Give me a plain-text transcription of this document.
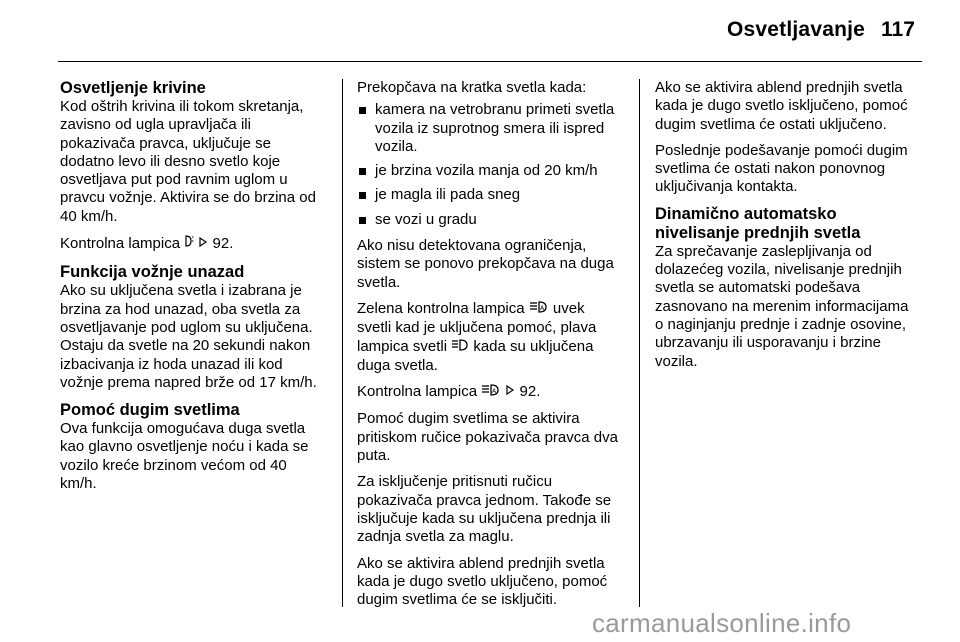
Osvetljavanje 117
Osvetljenje krivine

Kod oštrih krivina ili tokom skretanja, zavisno od ugla upravljača ili pokazivača pravca, uključuje se dodatno levo ili desno svetlo koje osvetljava put pod ravnim uglom u pravcu vožnje. Aktivira se do brzina od 40 km/h.

Kontrolna lampica 92.

Funkcija vožnje unazad

Ako su uključena svetla i izabrana je brzina za hod unazad, oba svetla za osvetljavanje pod uglom su uključena. Ostaju da svetle na 20 sekundi nakon izbacivanja iz hoda unazad ili kod vožnje prema napred brže od 17 km/h.

Pomoć dugim svetlima

Ova funkcija omogućava duga svetla kao glavno osvetljenje noću i kada se vozilo kreće brzinom većom od 40 km/h.

Prekopčava na kratka svetla kada:

kamera na vetrobranu primeti svetla vozila iz suprotnog smera ili ispred vozila.
je brzina vozila manja od 20 km/h
je magla ili pada sneg
se vozi u gradu

Ako nisu detektovana ograničenja, sistem se ponovo prekopčava na duga svetla.

Zelena kontrolna lampica	A uvek svetli kad je uključena pomoć, plava lampica svetli kada su uključena duga svetla.

Kontrolna lampica	A 92.

Pomoć dugim svetlima se aktivira pritiskom ručice pokazivača pravca dva puta.

Za isključenje pritisnuti ručicu pokazivača pravca jednom. Takođe se isključuje kada su uključena prednja ili zadnja svetla za maglu.

Ako se aktivira ablend prednjih svetla kada je dugo svetlo uključeno, pomoć dugim svetlima će se isključiti.

Ako se aktivira ablend prednjih svetla kada je dugo svetlo isključeno, pomoć dugim svetlima će ostati uključeno.

Poslednje podešavanje pomoći dugim svetlima će ostati nakon ponovnog uključivanja kontakta.

Dinamično automatsko nivelisanje prednjih svetla

Za sprečavanje zaslepljivanja od dolazećeg vozila, nivelisanje prednjih svetla se automatski podešava zasnovano na merenim informacijama o naginjanju prednje i zadnje osovine, ubrzavanju ili usporavanju i brzine vozila.

carmanualsonline.info
